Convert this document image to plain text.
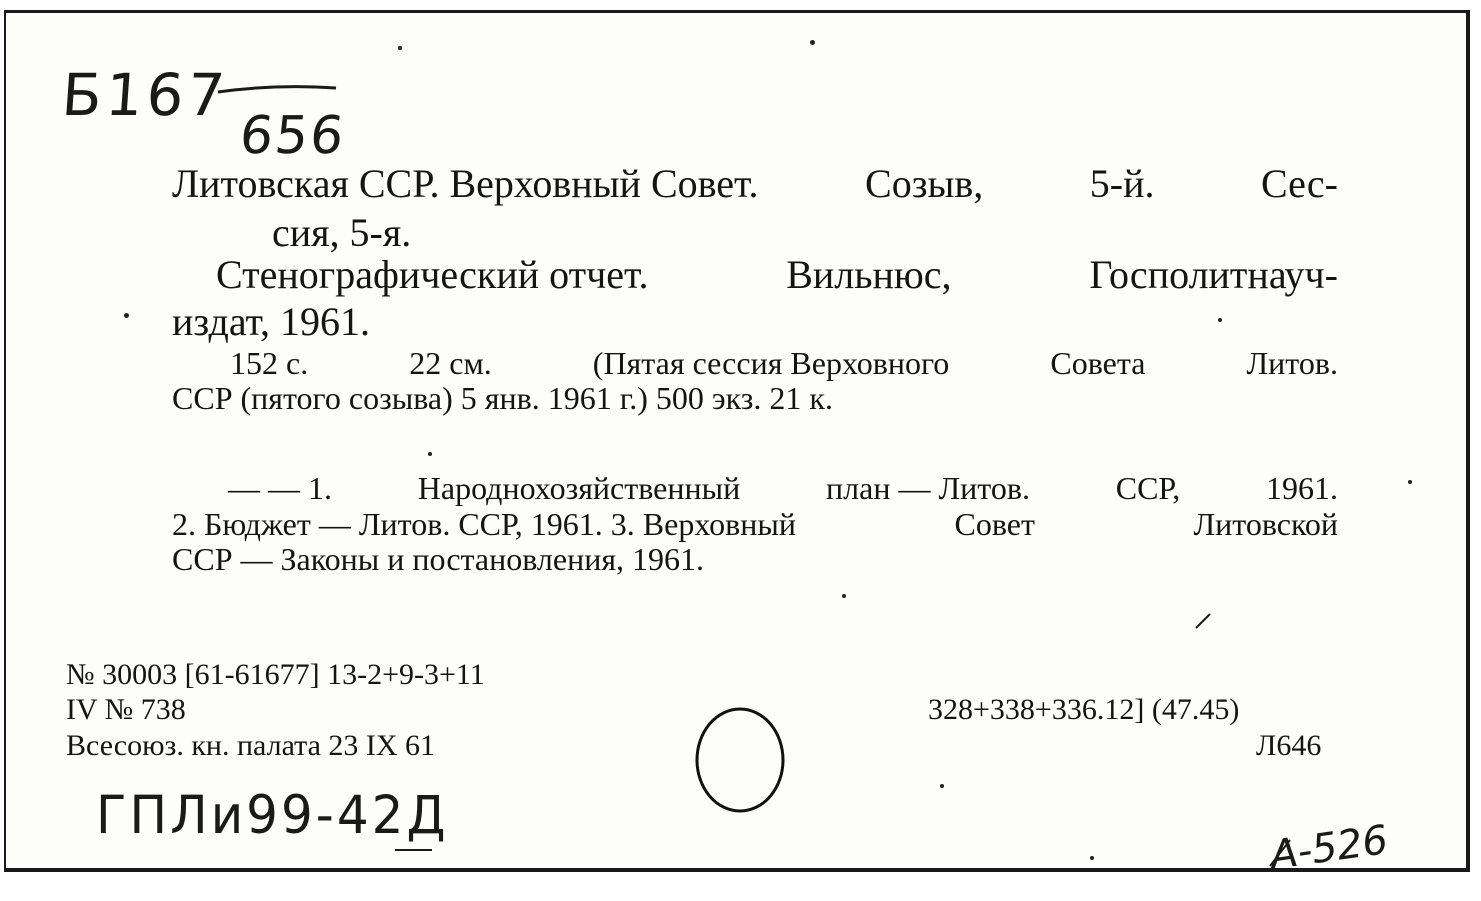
Б167
656
Литовская ССР. Верховный Совет.	Созыв,	5-й.	Сес-
сия, 5-я.
Стенографический отчет.	Вильнюс,	Госполитнауч-
издат, 1961.
152 с.	22 см.	(Пятая сессия Верховного	Совета	Литов.
ССР (пятого созыва) 5 янв. 1961 г.) 500 экз. 21 к.
— — 1.	Народнохозяйственный	план — Литов.	ССР,	1961.
2. Бюджет — Литов. ССР, 1961. 3. Верховный	Совет	Литовской
ССР — Законы и постановления, 1961.
№ 30003 [61-61677] 13-2+9-3+11
IV № 738
Всесоюз. кн. палата 23 IX 61
328+338+336.12] (47.45)
Л646
ГПЛи99-42Д
А-526
